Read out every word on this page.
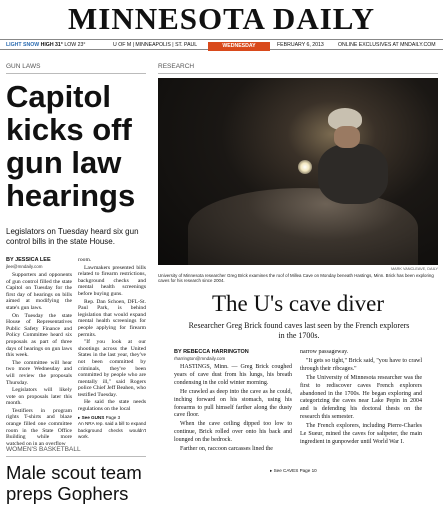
MINNESOTA DAILY
LIGHT SNOW HIGH 31° LOW 23°	U OF M | MINNEAPOLIS | ST. PAUL	WEDNESDAY	FEBRUARY 6, 2013	ONLINE EXCLUSIVES AT MNDAILY.COM
GUN LAWS
Capitol kicks off gun law hearings
Legislators on Tuesday heard six gun control bills in the state House.
BY JESSICA LEE
jlee@mndaily.com

Supporters and opponents of gun control filled the state Capitol on Tuesday for the first day of hearings on bills aimed at modifying the state's gun laws.

On Tuesday the state House of Representatives Public Safety Finance and Policy Committee heard six proposals as part of three days of hearings on gun laws this week.

The committee will hear two more Wednesday and will review the proposals Thursday.

Legislators will likely vote on proposals later this month.

Testifiers in program rights T-shirts and blaze orange filled one committee room in the State Office Building while more watched on in an overflow

room.

Lawmakers presented bills related to firearm restrictions, background checks and mental health screenings before buying guns.

Rep. Dan Schoen, DFL-St. Paul Park, is behind legislation that would expand mental health screenings for people applying for firearm permits.

"If you look at our shootings across the United States in the last year, they've not been committed by criminals, they've been committed by people who are mentally ill," said Rogers police Chief Jeff Beahen, who testified Tuesday.

He said the state needs regulations on the local

▸ See GUNS Page 3
An NRA rep. said a bill to expand background checks wouldn't work.
RESEARCH
MARK VANCLEAVE, DAILY
University of Minnesota researcher Greg Brick examines the roof of Millea Cave on Monday beneath Hastings, Minn. Brick has been exploring caves for his research since 2004.
The U's cave diver
Researcher Greg Brick found caves last seen by the French explorers in the 1700s.
BY REBECCA HARRINGTON
rharrington@mndaily.com

HASTINGS, Minn. — Greg Brick coughed years of cave dust from his lungs, his breath condensing in the cold winter morning.

He crawled as deep into the cave as he could, inching forward on his stomach, using his forearms to pull himself farther along the dusty cave floor.

When the cave ceiling dipped too low to continue, Brick rolled over onto his back and lounged on the bedrock.

Farther on, raccoon carcasses lined the

narrow passageway.

"It gets so tight," Brick said, "you have to crawl through their ribcages."

The University of Minnesota researcher was the first to rediscover caves French explorers abandoned in the 1700s. He began exploring and categorizing the caves near Lake Pepin in 2004 and is defending his doctoral thesis on the research this semester.

The French explorers, including Pierre-Charles Le Sueur, mined the caves for saltpeter, the main ingredient in gunpowder until World War I.

▸ See CAVES Page 10
WOMEN'S BASKETBALL
Male scout team preps Gophers
